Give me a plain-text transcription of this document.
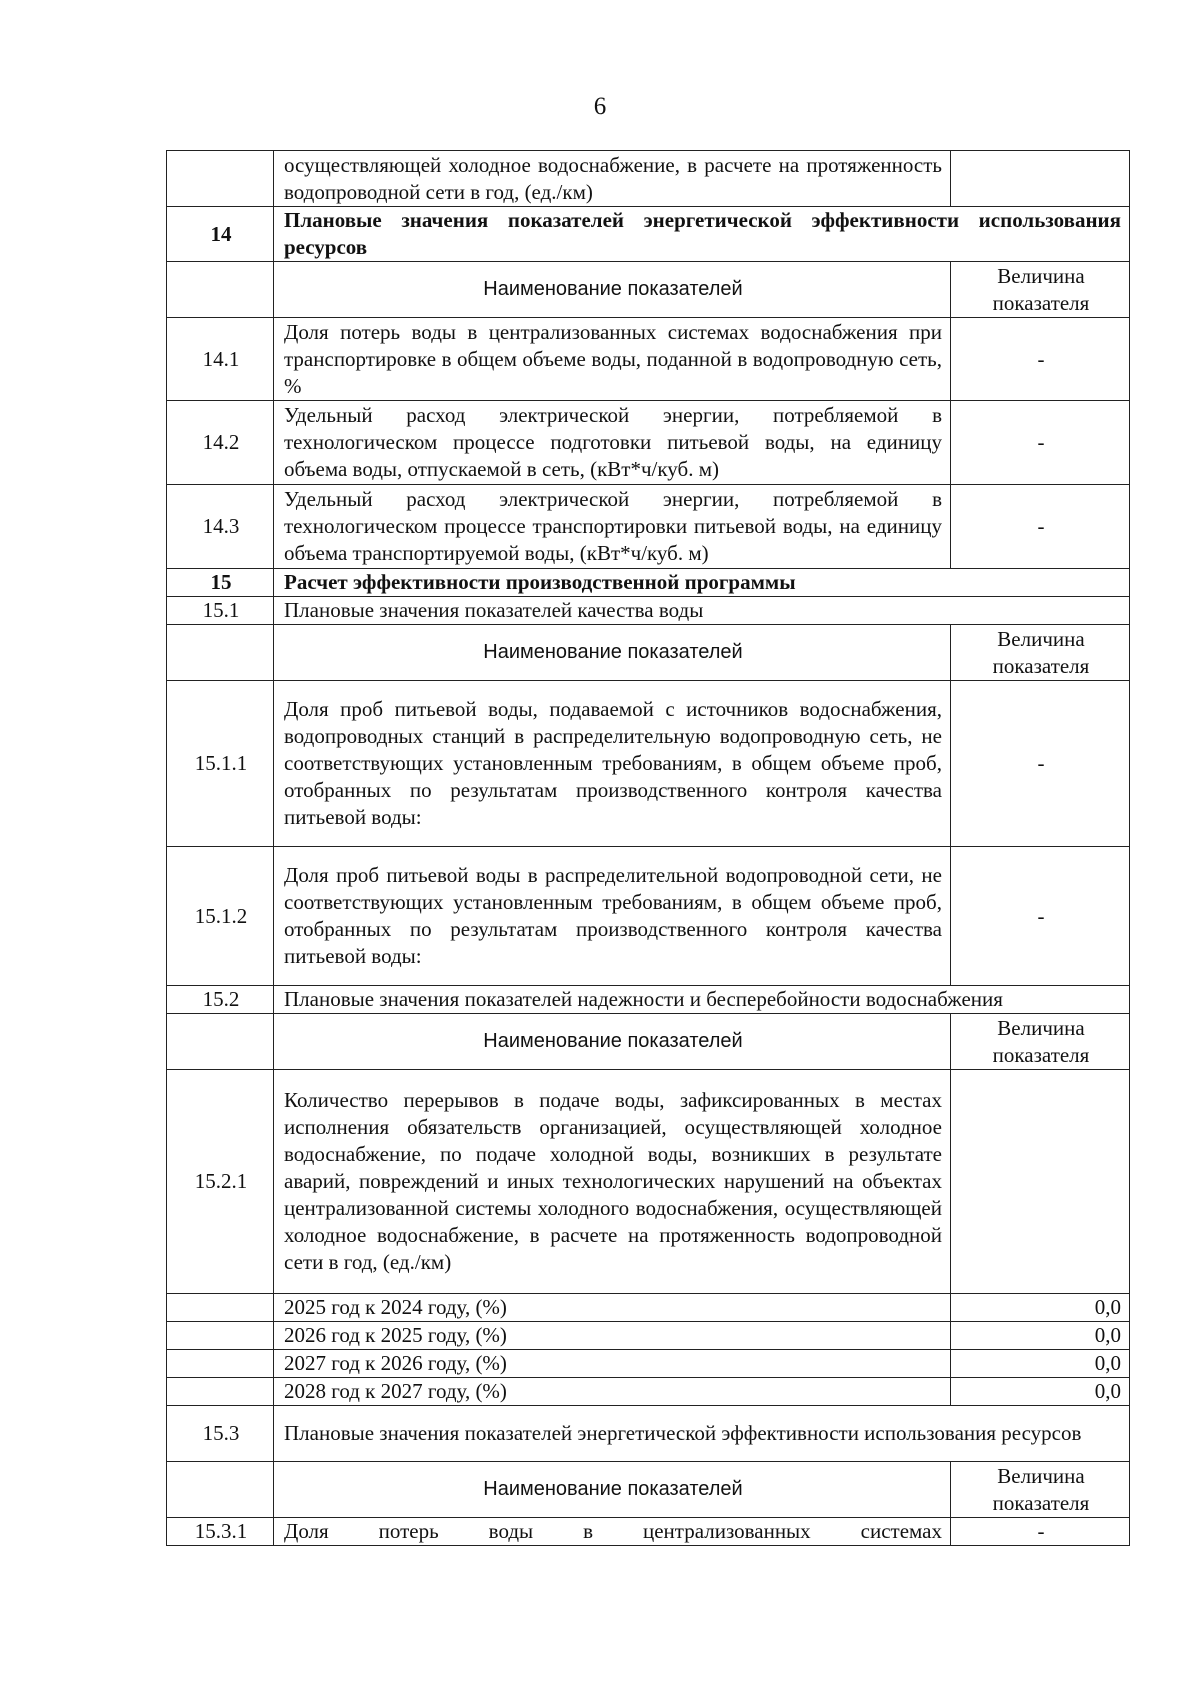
6
	осуществляющей холодное водоснабжение, в расчете на протяженность водопроводной сети в год, (ед./км)	
14	Плановые значения показателей энергетической эффективности использования ресурсов	
	Наименование показателей	Величина показателя
14.1	Доля потерь воды в централизованных системах водоснабжения при транспортировке в общем объеме воды, поданной в водопроводную сеть, %	-
14.2	Удельный расход электрической энергии, потребляемой в технологическом процессе подготовки питьевой воды, на единицу объема воды, отпускаемой в сеть, (кВт*ч/куб. м)	-
14.3	Удельный расход электрической энергии, потребляемой в технологическом процессе транспортировки питьевой воды, на единицу объема транспортируемой воды, (кВт*ч/куб. м)	-
15	Расчет эффективности производственной программы	
15.1	Плановые значения показателей качества воды	
	Наименование показателей	Величина показателя
15.1.1	Доля проб питьевой воды, подаваемой с источников водоснабжения, водопроводных станций в распределительную водопроводную сеть, не соответствующих установленным требованиям, в общем объеме проб, отобранных по результатам производственного контроля качества питьевой воды:	-
15.1.2	Доля проб питьевой воды в распределительной водопроводной сети, не соответствующих установленным требованиям, в общем объеме проб, отобранных по результатам производственного контроля качества питьевой воды:	-
15.2	Плановые значения показателей надежности и бесперебойности водоснабжения	
	Наименование показателей	Величина показателя
15.2.1	Количество перерывов в подаче воды, зафиксированных в местах исполнения обязательств организацией, осуществляющей холодное водоснабжение, по подаче холодной воды, возникших в результате аварий, повреждений и иных технологических нарушений на объектах централизованной системы холодного водоснабжения, осуществляющей холодное водоснабжение, в расчете на протяженность водопроводной сети в год, (ед./км)	
	2025 год к 2024 году, (%)	0,0
	2026 год к 2025 году, (%)	0,0
	2027 год к 2026 году, (%)	0,0
	2028 год к 2027 году, (%)	0,0
15.3	Плановые значения показателей энергетической эффективности использования ресурсов	
	Наименование показателей	Величина показателя
15.3.1	Доля потерь воды в централизованных системах	-
